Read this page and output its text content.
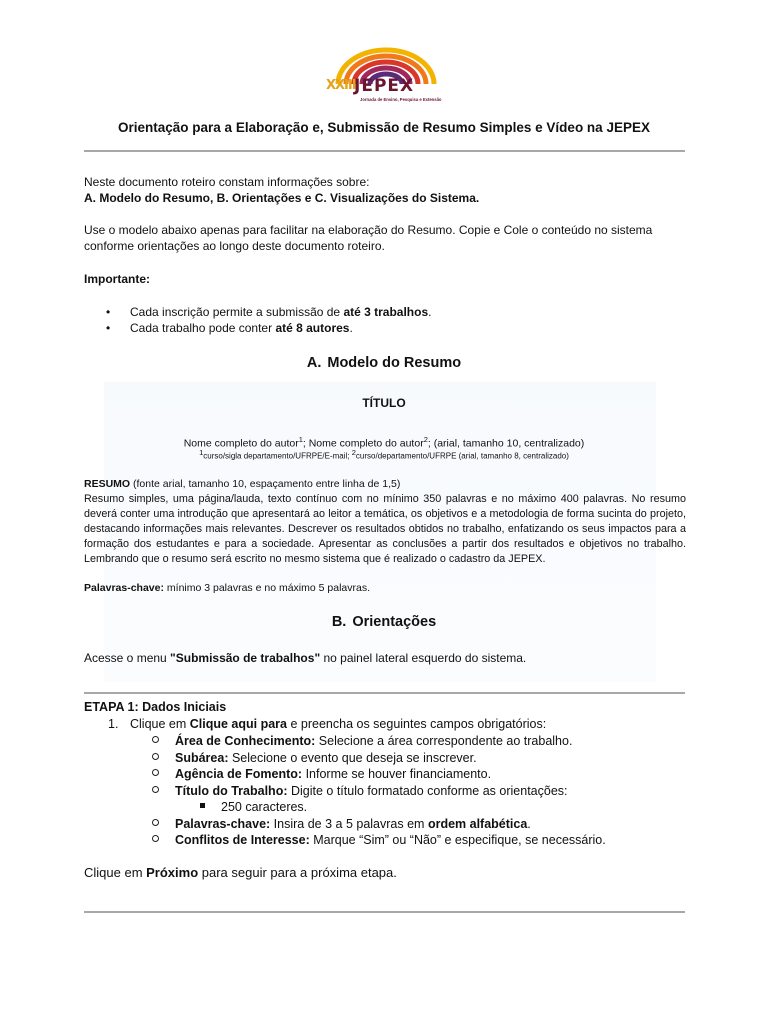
XXIII
JEPEX
Jornada de Ensino, Pesquisa e Extensão
Orientação para a Elaboração e, Submissão de Resumo Simples e Vídeo na JEPEX
Neste documento roteiro constam informações sobre:
A. Modelo do Resumo, B. Orientações e C. Visualizações do Sistema.
Use o modelo abaixo apenas para facilitar na elaboração do Resumo. Copie e Cole o conteúdo no sistema
conforme orientações ao longo deste documento roteiro.
Importante:
• Cada inscrição permite a submissão de até 3 trabalhos.
• Cada trabalho pode conter até 8 autores.
A. Modelo do Resumo
TÍTULO
Nome completo do autor$^1$; Nome completo do autor$^2$; (arial, tamanho 10, centralizado)
$^1$curso/sigla departamento/UFRPE/E-mail; $^2$curso/departamento/UFRPE (arial, tamanho 8, centralizado)
RESUMO (fonte arial, tamanho 10, espaçamento entre linha de 1,5)
Resumo simples, uma página/lauda, texto contínuo com no mínimo 350 palavras e no máximo 400 palavras. No resumo deverá conter uma introdução que apresentará ao leitor a temática, os objetivos e a metodologia de forma sucinta do projeto, destacando informações mais relevantes. Descrever os resultados obtidos no trabalho, enfatizando os seus impactos para a formação dos estudantes e para a sociedade. Apresentar as conclusões a partir dos resultados e objetivos no trabalho. Lembrando que o resumo será escrito no mesmo sistema que é realizado o cadastro da JEPEX.
Palavras-chave: mínimo 3 palavras e no máximo 5 palavras.
B. Orientações
Acesse o menu "Submissão de trabalhos" no painel lateral esquerdo do sistema.
ETAPA 1: Dados Iniciais
1. Clique em Clique aqui para e preencha os seguintes campos obrigatórios:
Área de Conhecimento: Selecione a área correspondente ao trabalho.
Subárea: Selecione o evento que deseja se inscrever.
Agência de Fomento: Informe se houver financiamento.
Título do Trabalho: Digite o título formatado conforme as orientações:
250 caracteres.
Palavras-chave: Insira de 3 a 5 palavras em ordem alfabética.
Conflitos de Interesse: Marque “Sim” ou “Não” e especifique, se necessário.
Clique em Próximo para seguir para a próxima etapa.
